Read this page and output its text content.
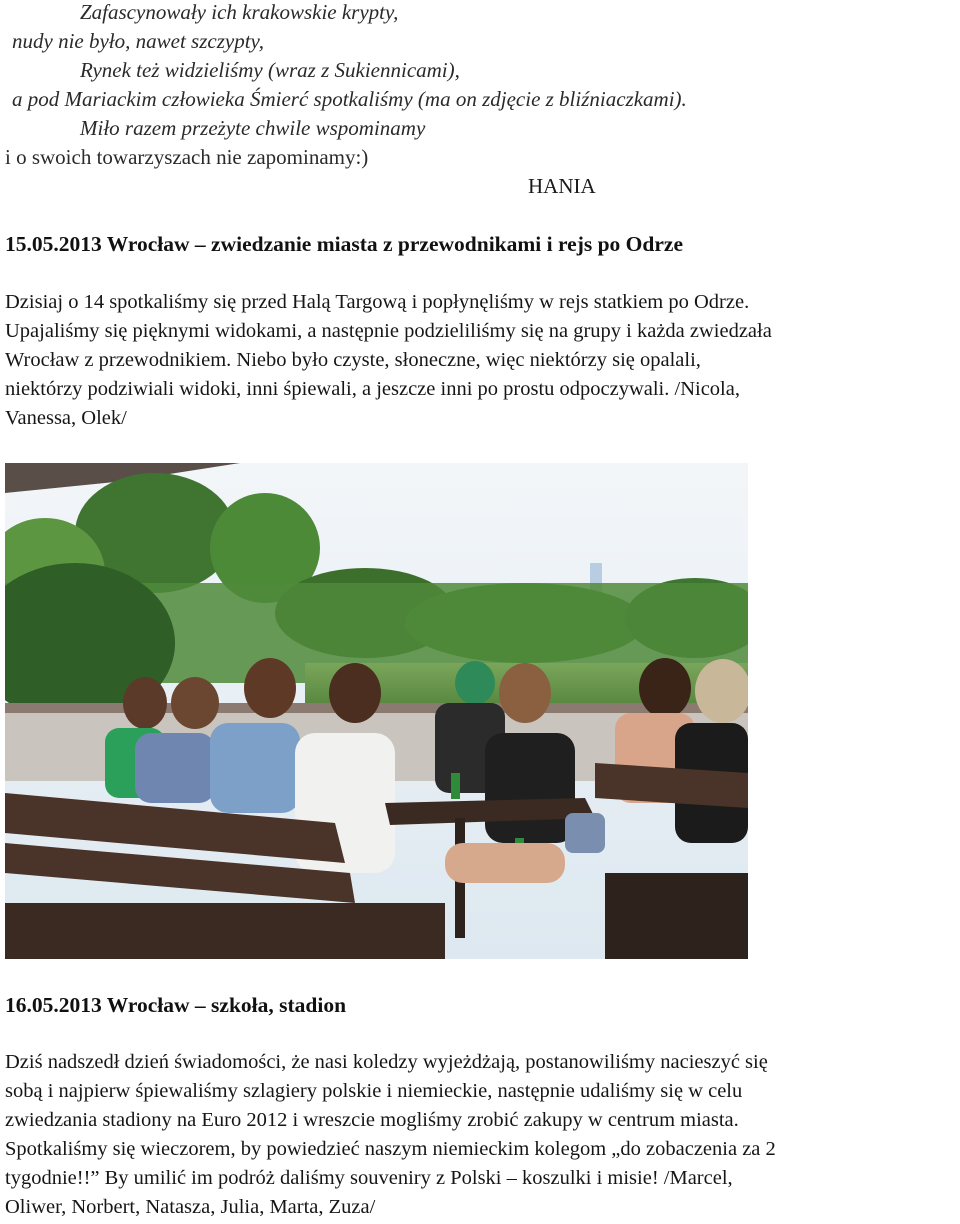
Zafascynowały ich krakowskie krypty,
nudy nie było, nawet szczypty,
Rynek też widzieliśmy (wraz z Sukiennicami),
a pod Mariackim człowieka Śmierć spotkaliśmy (ma on zdjęcie z bliźniaczkami).
Miło razem przeżyte chwile wspominamy
i o swoich towarzyszach nie zapominamy:)
HANIA
15.05.2013 Wrocław – zwiedzanie miasta z przewodnikami i rejs po Odrze
Dzisiaj o 14 spotkaliśmy się przed Halą Targową i popłynęliśmy w rejs statkiem po Odrze.
Upajaliśmy się pięknymi widokami, a następnie podzieliliśmy się na grupy i każda zwiedzała
Wrocław z przewodnikiem. Niebo było czyste, słoneczne, więc niektórzy się opalali,
niektórzy podziwiali widoki, inni śpiewali, a jeszcze inni po prostu odpoczywali. /Nicola,
Vanessa, Olek/
16.05.2013 Wrocław – szkoła, stadion
Dziś nadszedł dzień świadomości, że nasi koledzy wyjeżdżają, postanowiliśmy nacieszyć się
sobą i najpierw śpiewaliśmy szlagiery polskie i niemieckie, następnie udaliśmy się w celu
zwiedzania stadiony na Euro 2012 i wreszcie mogliśmy zrobić zakupy w centrum miasta.
Spotkaliśmy się wieczorem, by powiedzieć naszym niemieckim kolegom „do zobaczenia za 2
tygodnie!!” By umilić im podróż daliśmy souveniry z Polski – koszulki i misie! /Marcel,
Oliwer, Norbert, Natasza, Julia, Marta, Zuza/
